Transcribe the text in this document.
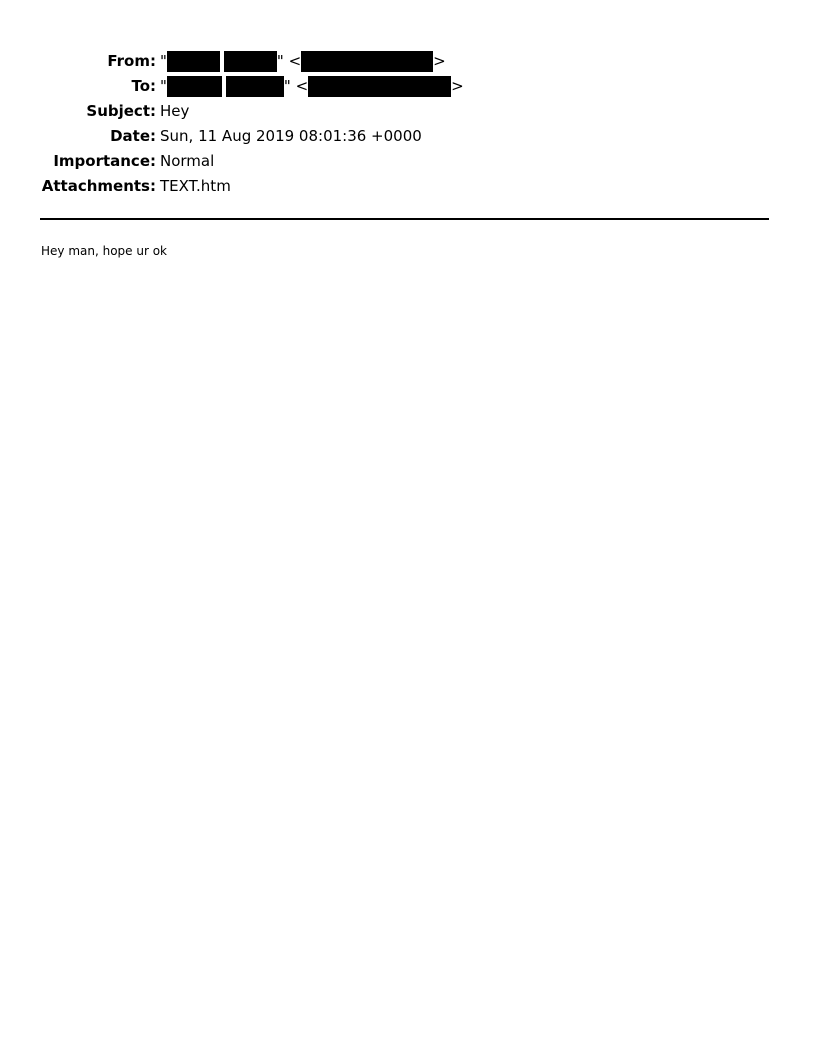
From: "	" <	>
To: "	" <	>
Subject: Hey
Date: Sun, 11 Aug 2019 08:01:36 +0000
Importance: Normal
Attachments: TEXT.htm
Hey man, hope ur ok
